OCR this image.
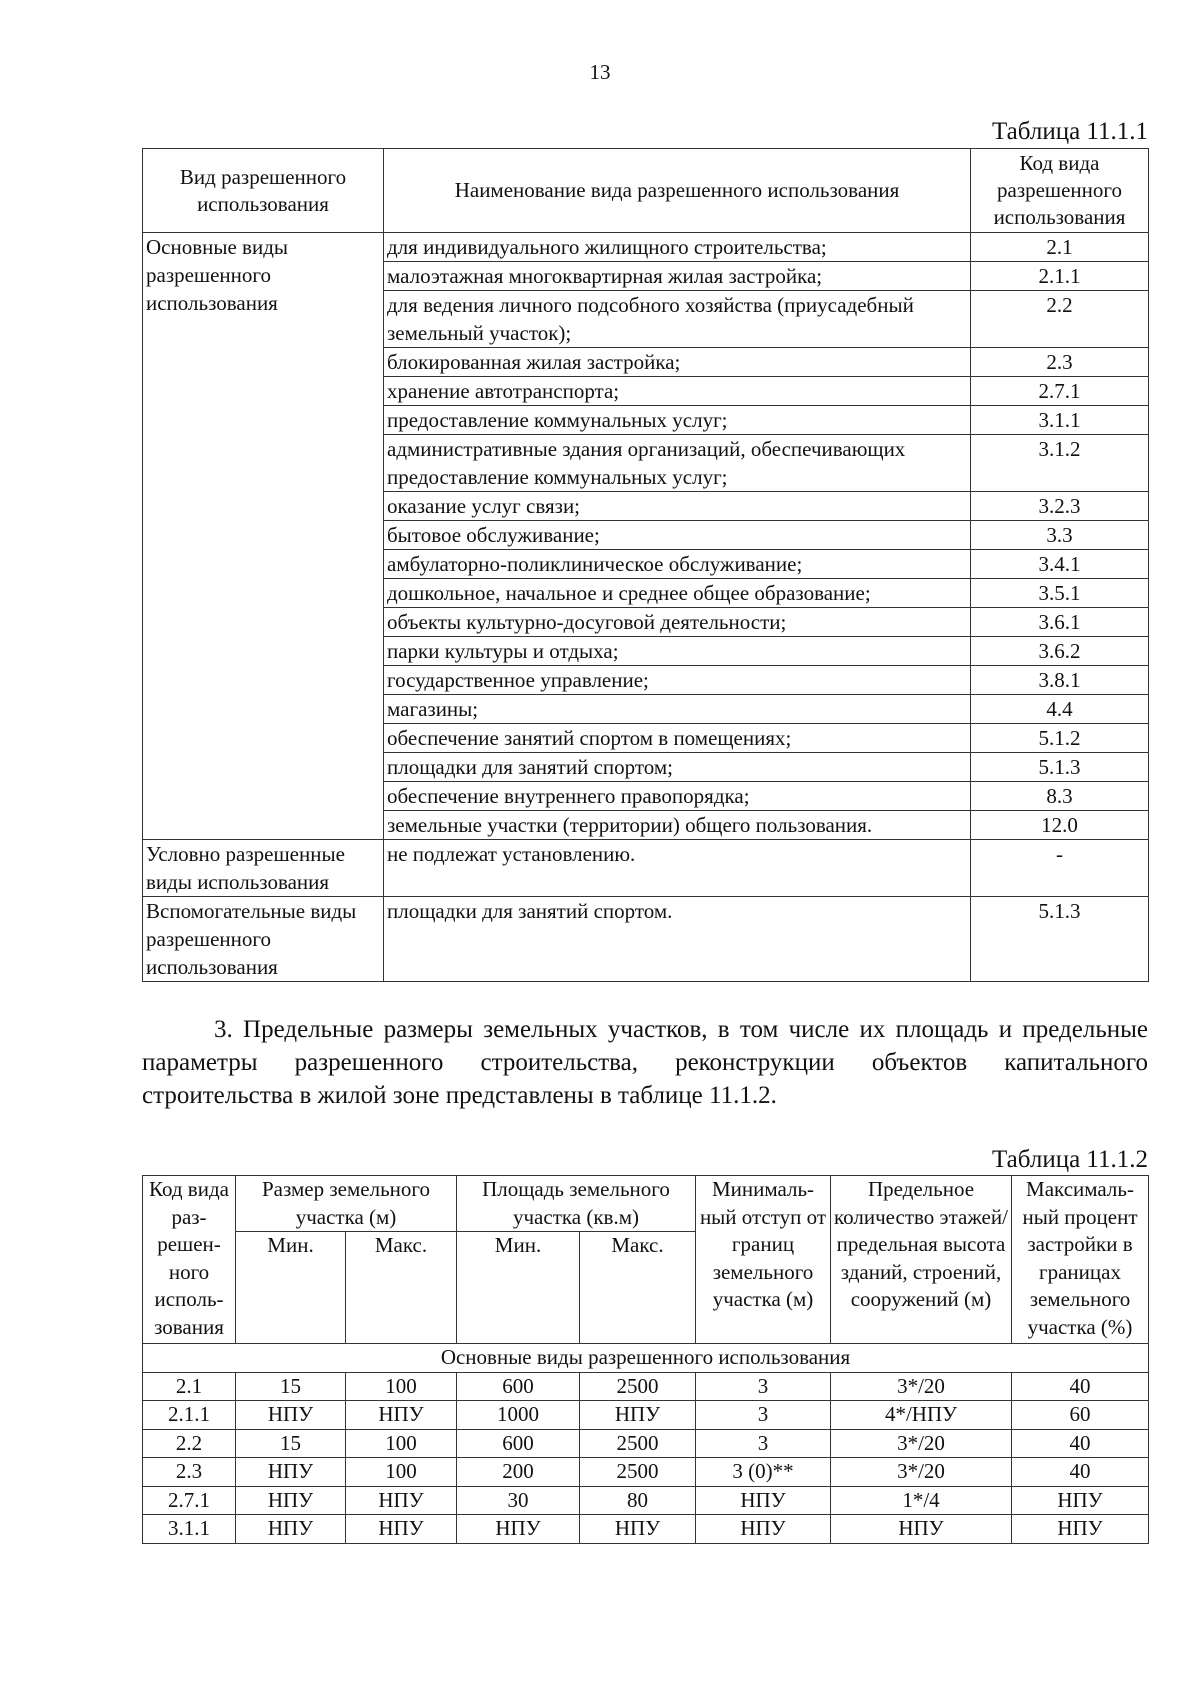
13
Таблица 11.1.1
Вид разрешенного использования	Наименование вида разрешенного использования	Код вида разрешенного использования
Основные виды разрешенного использования	для индивидуального жилищного строительства;	2.1
	малоэтажная многоквартирная жилая застройка;	2.1.1
	для ведения личного подсобного хозяйства (приусадебный земельный участок);	2.2
	блокированная жилая застройка;	2.3
	хранение автотранспорта;	2.7.1
	предоставление коммунальных услуг;	3.1.1
	административные здания организаций, обеспечивающих предоставление коммунальных услуг;	3.1.2
	оказание услуг связи;	3.2.3
	бытовое обслуживание;	3.3
	амбулаторно-поликлиническое обслуживание;	3.4.1
	дошкольное, начальное и среднее общее образование;	3.5.1
	объекты культурно-досуговой деятельности;	3.6.1
	парки культуры и отдыха;	3.6.2
	государственное управление;	3.8.1
	магазины;	4.4
	обеспечение занятий спортом в помещениях;	5.1.2
	площадки для занятий спортом;	5.1.3
	обеспечение внутреннего правопорядка;	8.3
	земельные участки (территории) общего пользования.	12.0
Условно разрешенные виды использования	не подлежат установлению.	-
Вспомогательные виды разрешенного использования	площадки для занятий спортом.	5.1.3
3. Предельные размеры земельных участков, в том числе их площадь и предельные параметры разрешенного строительства, реконструкции объектов капитального строительства в жилой зоне представлены в таблице 11.1.2.
Таблица 11.1.2
Код вида раз-решен-ного исполь-зования	Размер земельного участка (м)		Площадь земельного участка (кв.м)		Минималь-ный отступ от границ земельного участка (м)	Предельное количество этажей/ предельная высота зданий, строений, сооружений (м)	Максималь-ный процент застройки в границах земельного участка (%)
	Мин.	Макс.	Мин.	Макс.			
Основные виды разрешенного использования							
2.1	15	100	600	2500	3	3*/20	40
2.1.1	НПУ	НПУ	1000	НПУ	3	4*/НПУ	60
2.2	15	100	600	2500	3	3*/20	40
2.3	НПУ	100	200	2500	3 (0)**	3*/20	40
2.7.1	НПУ	НПУ	30	80	НПУ	1*/4	НПУ
3.1.1	НПУ	НПУ	НПУ	НПУ	НПУ	НПУ	НПУ
